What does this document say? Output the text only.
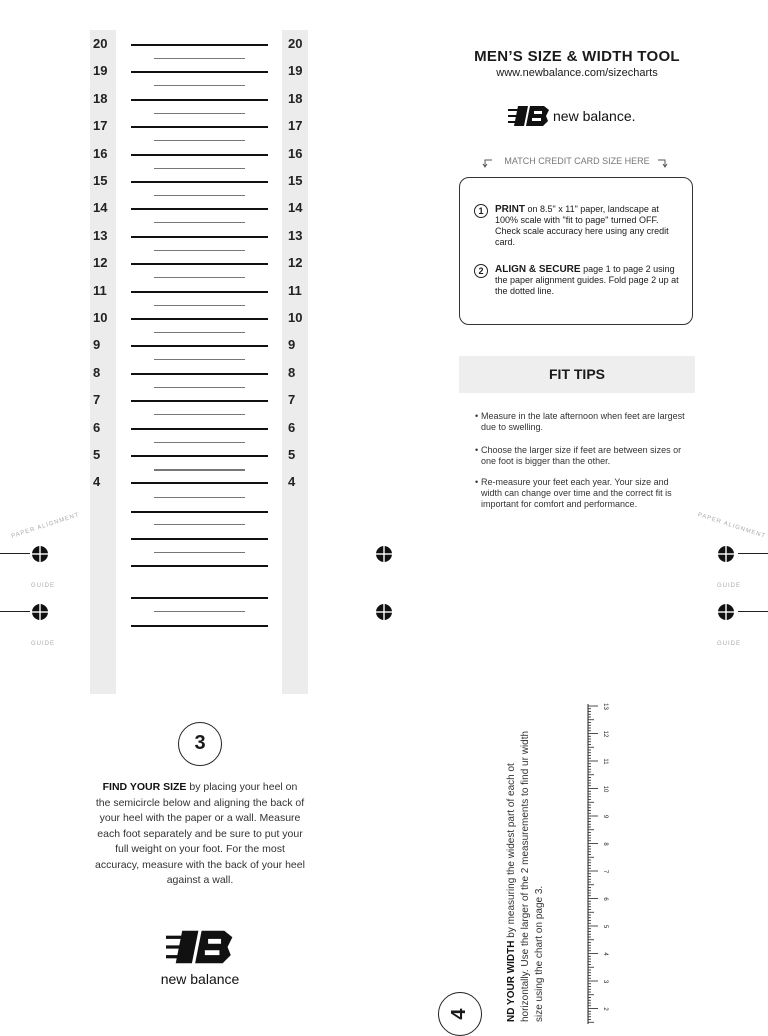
20	20
19	19
18	18
17	17
16	16
15	15
14	14
13	13
12	12
11	11
10	10
9	9
8	8
7	7
6	6
5	5
4	4
PAPER ALIGNMENT
GUIDE
GUIDE
PAPER ALIGNMENT
GUIDE
GUIDE
MEN’S SIZE & WIDTH TOOL
www.newbalance.com/sizecharts
new balance.
MATCH CREDIT CARD SIZE HERE
1	PRINT on 8.5" x 11" paper, landscape at 100% scale with "fit to page" turned OFF. Check scale accuracy here using any credit card.
2	ALIGN & SECURE page 1 to page 2 using the paper alignment guides. Fold page 2 up at the dotted line.
FIT TIPS
• Measure in the late afternoon when feet are largest due to swelling.
• Choose the larger size if feet are between sizes or one foot is bigger than the other.
• Re-measure your feet each year. Your size and width can change over time and the correct fit is important for comfort and performance.
3
FIND YOUR SIZE by placing your heel on the semicircle below and aligning the back of your heel with the paper or a wall. Measure each foot separately and be sure to put your full weight on your foot. For the most accuracy, measure with the back of your heel against a wall.
new balance
4	ND YOUR WIDTH by measuring the widest part of each ot horizontally. Use the larger of the 2 measurements to find ur width size using the chart on page 3.	2
3
4
5
6
7
8
9
10
11
12
13
